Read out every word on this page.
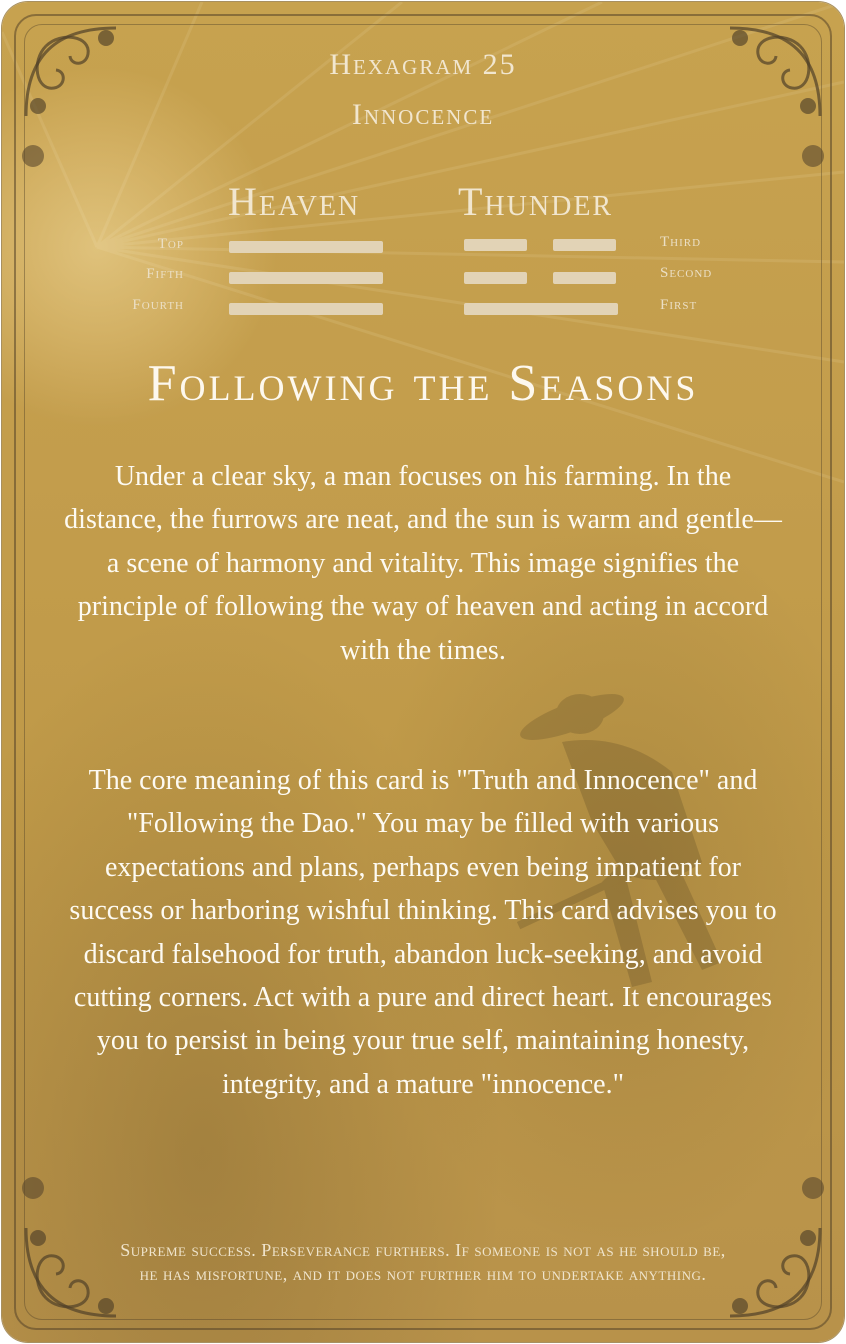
Hexagram 25
Innocence
Heaven Thunder
Top
Fifth
Fourth
Third
Second
First
Following the Seasons
Under a clear sky, a man focuses on his farming. In the distance, the furrows are neat, and the sun is warm and gentle—a scene of harmony and vitality. This image signifies the principle of following the way of heaven and acting in accord with the times.
The core meaning of this card is "Truth and Innocence" and "Following the Dao." You may be filled with various expectations and plans, perhaps even being impatient for success or harboring wishful thinking. This card advises you to discard falsehood for truth, abandon luck-seeking, and avoid cutting corners. Act with a pure and direct heart. It encourages you to persist in being your true self, maintaining honesty, integrity, and a mature "innocence."
Supreme success. Perseverance furthers. If someone is not as he should be, he has misfortune, and it does not further him to undertake anything.
